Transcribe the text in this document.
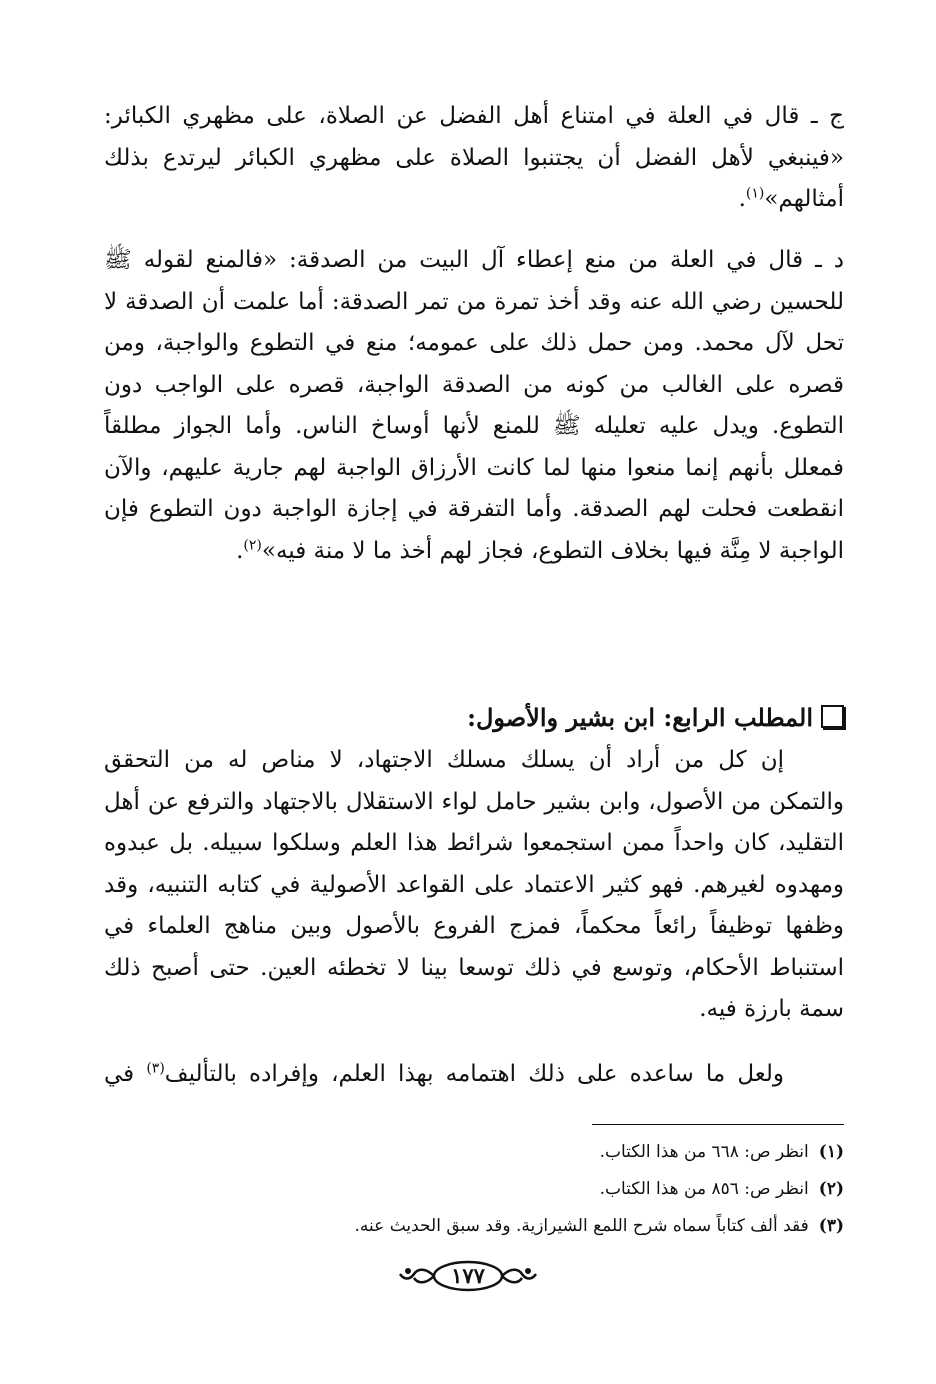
ج ـ قال في العلة في امتناع أهل الفضل عن الصلاة، على مظهري الكبائر: «فينبغي لأهل الفضل أن يجتنبوا الصلاة على مظهري الكبائر ليرتدع بذلك أمثالهم»$^{(١)}$.
د ـ قال في العلة من منع إعطاء آل البيت من الصدقة: «فالمنع لقوله ﷺ للحسين رضي الله عنه وقد أخذ تمرة من تمر الصدقة: أما علمت أن الصدقة لا تحل لآل محمد. ومن حمل ذلك على عمومه؛ منع في التطوع والواجبة، ومن قصره على الغالب من كونه من الصدقة الواجبة، قصره على الواجب دون التطوع. ويدل عليه تعليله ﷺ للمنع لأنها أوساخ الناس. وأما الجواز مطلقاً فمعلل بأنهم إنما منعوا منها لما كانت الأرزاق الواجبة لهم جارية عليهم، والآن انقطعت فحلت لهم الصدقة. وأما التفرقة في إجازة الواجبة دون التطوع فإن الواجبة لا مِنَّة فيها بخلاف التطوع، فجاز لهم أخذ ما لا منة فيه»$^{(٢)}$.
المطلب الرابع: ابن بشير والأصول:
إن كل من أراد أن يسلك مسلك الاجتهاد، لا مناص له من التحقق والتمكن من الأصول، وابن بشير حامل لواء الاستقلال بالاجتهاد والترفع عن أهل التقليد، كان واحداً ممن استجمعوا شرائط هذا العلم وسلكوا سبيله. بل عبدوه ومهدوه لغيرهم. فهو كثير الاعتماد على القواعد الأصولية في كتابه التنبيه، وقد وظفها توظيفاً رائعاً محكماً، فمزج الفروع بالأصول وبين مناهج العلماء في استنباط الأحكام، وتوسع في ذلك توسعا بينا لا تخطئه العين. حتى أصبح ذلك سمة بارزة فيه.
ولعل ما ساعده على ذلك اهتمامه بهذا العلم، وإفراده بالتأليف$^{(٣)}$ في
(١)انظر ص: ٦٦٨ من هذا الكتاب.
(٢)انظر ص: ٨٥٦ من هذا الكتاب.
(٣)فقد ألف كتاباً سماه شرح اللمع الشيرازية. وقد سبق الحديث عنه.
١٧٧
